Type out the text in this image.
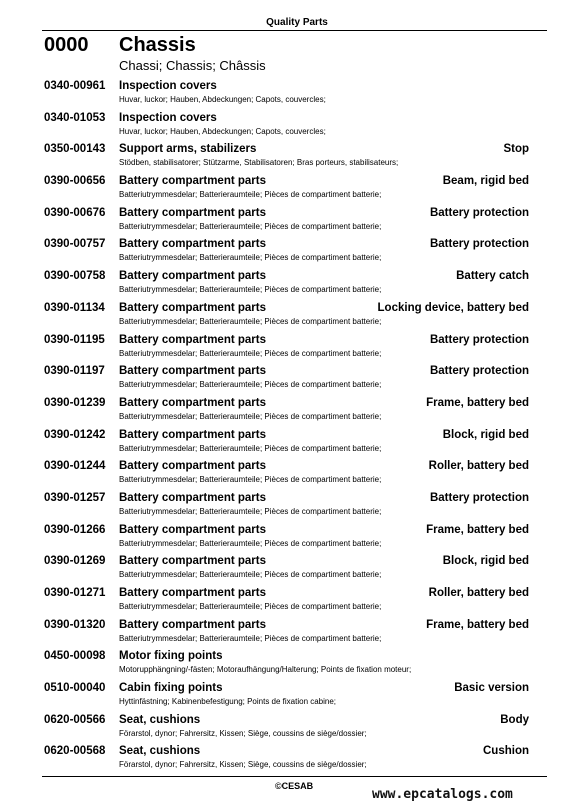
Quality Parts
0000 Chassis
Chassi; Chassis; Châssis
0340-00961 Inspection covers
Huvar, luckor; Hauben, Abdeckungen; Capots, couvercles;
0340-01053 Inspection covers
Huvar, luckor; Hauben, Abdeckungen; Capots, couvercles;
0350-00143 Support arms, stabilizers	Stop
Stödben, stabilisatorer; Stützarme, Stabilisatoren; Bras porteurs, stabilisateurs;
0390-00656 Battery compartment parts	Beam, rigid bed
Batteriutrymmesdelar; Batterieraumteile; Pièces de compartiment batterie;
0390-00676 Battery compartment parts	Battery protection
Batteriutrymmesdelar; Batterieraumteile; Pièces de compartiment batterie;
0390-00757 Battery compartment parts	Battery protection
Batteriutrymmesdelar; Batterieraumteile; Pièces de compartiment batterie;
0390-00758 Battery compartment parts	Battery catch
Batteriutrymmesdelar; Batterieraumteile; Pièces de compartiment batterie;
0390-01134 Battery compartment parts	Locking device, battery bed
Batteriutrymmesdelar; Batterieraumteile; Pièces de compartiment batterie;
0390-01195 Battery compartment parts	Battery protection
Batteriutrymmesdelar; Batterieraumteile; Pièces de compartiment batterie;
0390-01197 Battery compartment parts	Battery protection
Batteriutrymmesdelar; Batterieraumteile; Pièces de compartiment batterie;
0390-01239 Battery compartment parts	Frame, battery bed
Batteriutrymmesdelar; Batterieraumteile; Pièces de compartiment batterie;
0390-01242 Battery compartment parts	Block, rigid bed
Batteriutrymmesdelar; Batterieraumteile; Pièces de compartiment batterie;
0390-01244 Battery compartment parts	Roller, battery bed
Batteriutrymmesdelar; Batterieraumteile; Pièces de compartiment batterie;
0390-01257 Battery compartment parts	Battery protection
Batteriutrymmesdelar; Batterieraumteile; Pièces de compartiment batterie;
0390-01266 Battery compartment parts	Frame, battery bed
Batteriutrymmesdelar; Batterieraumteile; Pièces de compartiment batterie;
0390-01269 Battery compartment parts	Block, rigid bed
Batteriutrymmesdelar; Batterieraumteile; Pièces de compartiment batterie;
0390-01271 Battery compartment parts	Roller, battery bed
Batteriutrymmesdelar; Batterieraumteile; Pièces de compartiment batterie;
0390-01320 Battery compartment parts	Frame, battery bed
Batteriutrymmesdelar; Batterieraumteile; Pièces de compartiment batterie;
0450-00098 Motor fixing points
Motorupphängning/-fästen; Motoraufhängung/Halterung; Points de fixation moteur;
0510-00040 Cabin fixing points	Basic version
Hyttinfästning; Kabinenbefestigung; Points de fixation cabine;
0620-00566 Seat, cushions	Body
Förarstol, dynor; Fahrersitz, Kissen; Siège, coussins de siège/dossier;
0620-00568 Seat, cushions	Cushion
Förarstol, dynor; Fahrersitz, Kissen; Siège, coussins de siège/dossier;
©CESAB
www.epcatalogs.com
